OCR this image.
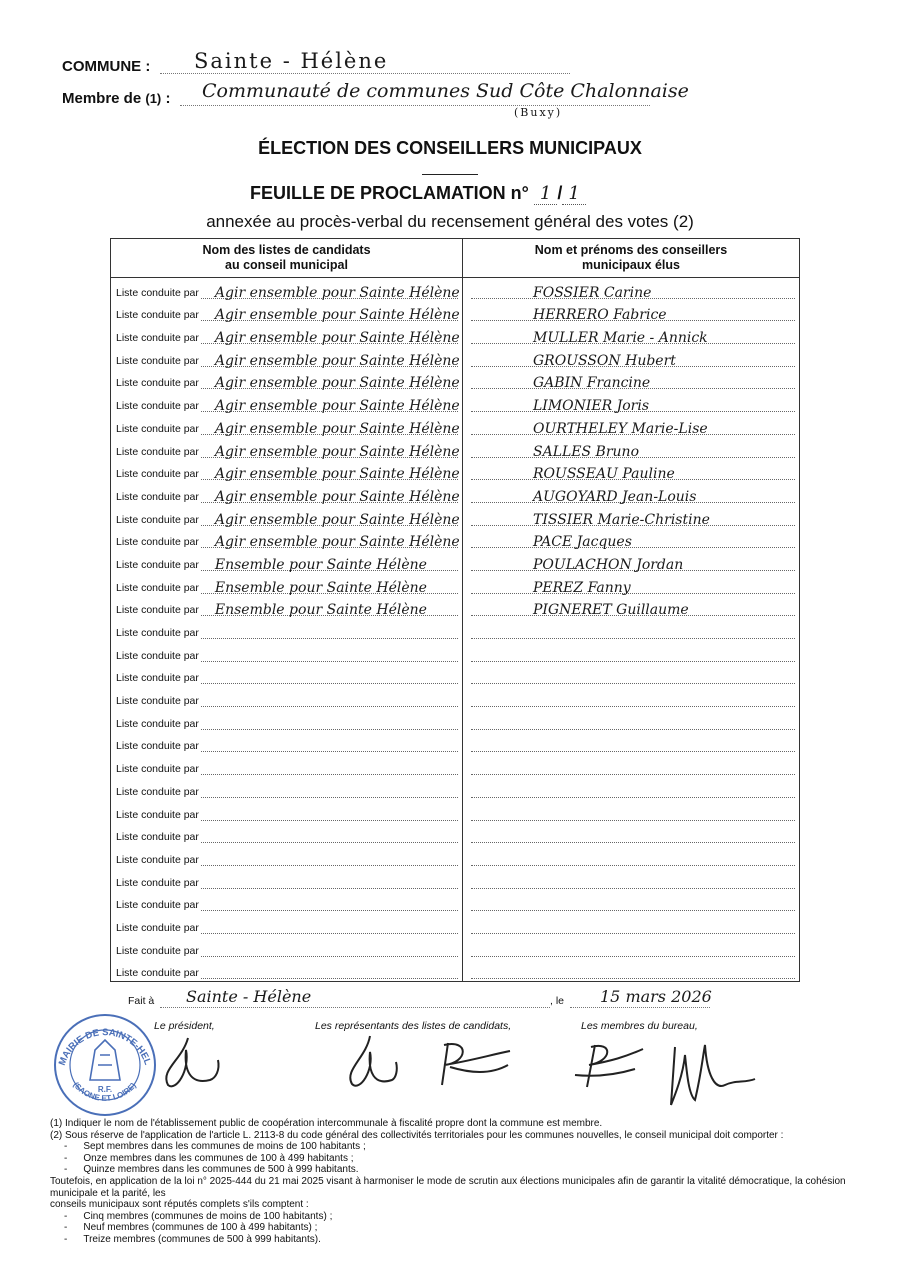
COMMUNE : Sainte - Hélène
Membre de (1) : Communauté de communes Sud Côte Chalonnaise
(Buxy)
ÉLECTION DES CONSEILLERS MUNICIPAUX
FEUILLE DE PROCLAMATION n° 1 / 1
annexée au procès-verbal du recensement général des votes (2)
Nom des listes de candidats
au conseil municipal	Nom et prénoms des conseillers
municipaux élus

Liste conduite par Agir ensemble pour Sainte Hélène	FOSSIER Carine

Liste conduite par Agir ensemble pour Sainte Hélène	HERRERO Fabrice

Liste conduite par Agir ensemble pour Sainte Hélène	MULLER Marie - Annick

Liste conduite par Agir ensemble pour Sainte Hélène	GROUSSON Hubert

Liste conduite par Agir ensemble pour Sainte Hélène	GABIN Francine

Liste conduite par Agir ensemble pour Sainte Hélène	LIMONIER Joris

Liste conduite par Agir ensemble pour Sainte Hélène	OURTHELEY Marie-Lise

Liste conduite par Agir ensemble pour Sainte Hélène	SALLES Bruno

Liste conduite par Agir ensemble pour Sainte Hélène	ROUSSEAU Pauline

Liste conduite par Agir ensemble pour Sainte Hélène	AUGOYARD Jean-Louis

Liste conduite par Agir ensemble pour Sainte Hélène	TISSIER Marie-Christine

Liste conduite par Agir ensemble pour Sainte Hélène	PACE Jacques

Liste conduite par Ensemble pour Sainte Hélène	POULACHON Jordan

Liste conduite par Ensemble pour Sainte Hélène	PEREZ Fanny

Liste conduite par Ensemble pour Sainte Hélène	PIGNERET Guillaume

Liste conduite par	

Liste conduite par	

Liste conduite par	

Liste conduite par	

Liste conduite par	

Liste conduite par	

Liste conduite par	

Liste conduite par	

Liste conduite par	

Liste conduite par	

Liste conduite par	

Liste conduite par	

Liste conduite par	

Liste conduite par	

Liste conduite par	

Liste conduite par	

Fait à Sainte - Hélène	, le 15 mars 2026
Le président,	Les représentants des listes de candidats,	Les membres du bureau,
MAIRIE DE SAINTE-HELENE
(SAONE ET LOIRE)
R.F.
(1) Indiquer le nom de l'établissement public de coopération intercommunale à fiscalité propre dont la commune est membre.
(2) Sous réserve de l'application de l'article L. 2113-8 du code général des collectivités territoriales pour les communes nouvelles, le conseil municipal doit comporter :
- Sept membres dans les communes de moins de 100 habitants ;
- Onze membres dans les communes de 100 à 499 habitants ;
- Quinze membres dans les communes de 500 à 999 habitants.
Toutefois, en application de la loi n° 2025-444 du 21 mai 2025 visant à harmoniser le mode de scrutin aux élections municipales afin de garantir la vitalité démocratique, la cohésion municipale et la parité, les
conseils municipaux sont réputés complets s'ils comptent :
- Cinq membres (communes de moins de 100 habitants) ;
- Neuf membres (communes de 100 à 499 habitants) ;
- Treize membres (communes de 500 à 999 habitants).
